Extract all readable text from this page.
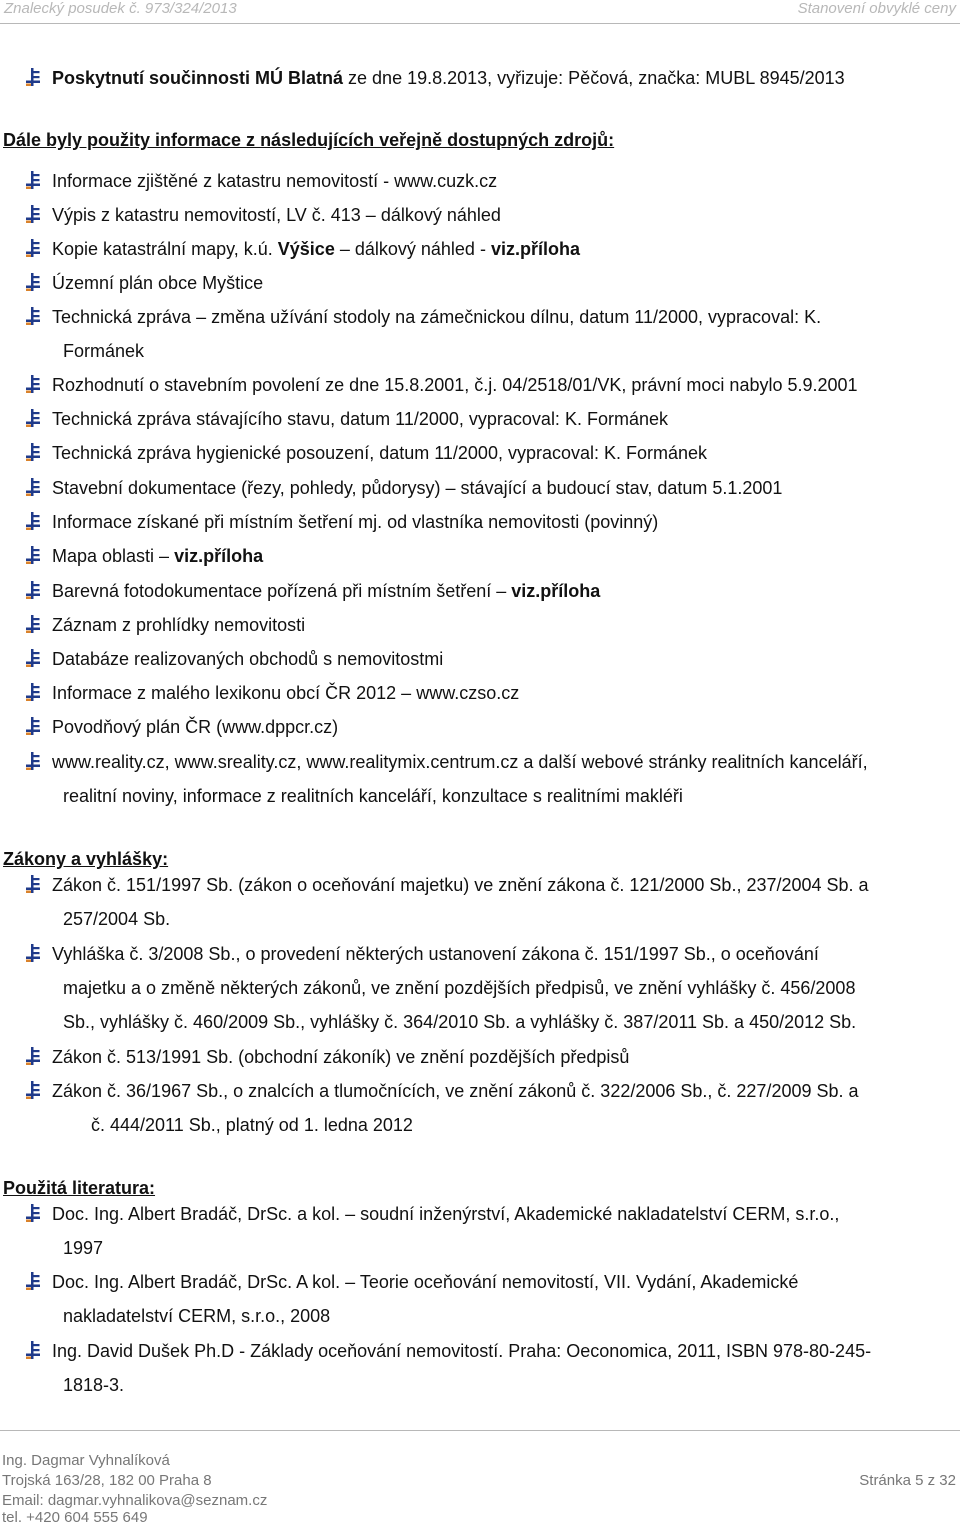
Znalecký posudek č. 973/324/2013	Stanovení obvyklé ceny
Dále byly použity informace z následujících veřejně dostupných zdrojů:
Zákony a vyhlášky:
Použitá literatura:
Poskytnutí součinnosti MÚ Blatná ze dne 19.8.2013, vyřizuje: Pěčová, značka: MUBL 8945/2013
Informace zjištěné z katastru nemovitostí - www.cuzk.cz
Výpis z katastru nemovitostí, LV č. 413 – dálkový náhled
Kopie katastrální mapy, k.ú. Výšice – dálkový náhled - viz.příloha
Územní plán obce Myštice
Technická zpráva – změna užívání stodoly na zámečnickou dílnu, datum 11/2000, vypracoval: K.
Formánek
Rozhodnutí o stavebním povolení ze dne 15.8.2001, č.j. 04/2518/01/VK, právní moci nabylo 5.9.2001
Technická zpráva stávajícího stavu, datum 11/2000, vypracoval: K. Formánek
Technická zpráva hygienické posouzení, datum 11/2000, vypracoval: K. Formánek
Stavební dokumentace (řezy, pohledy, půdorysy) – stávající a budoucí stav, datum 5.1.2001
Informace získané při místním šetření mj. od vlastníka nemovitosti (povinný)
Mapa oblasti – viz.příloha
Barevná fotodokumentace pořízená při místním šetření – viz.příloha
Záznam z prohlídky nemovitosti
Databáze realizovaných obchodů s nemovitostmi
Informace z malého lexikonu obcí ČR 2012 – www.czso.cz
Povodňový plán ČR (www.dppcr.cz)
www.reality.cz, www.sreality.cz, www.realitymix.centrum.cz a další webové stránky realitních kanceláří,
realitní noviny, informace z realitních kanceláří, konzultace s realitními makléři
Zákon č. 151/1997 Sb. (zákon o oceňování majetku) ve znění zákona č. 121/2000 Sb., 237/2004 Sb. a
257/2004 Sb.
Vyhláška č. 3/2008 Sb., o provedení některých ustanovení zákona č. 151/1997 Sb., o oceňování
majetku a o změně některých zákonů, ve znění pozdějších předpisů, ve znění vyhlášky č. 456/2008
Sb., vyhlášky č. 460/2009 Sb., vyhlášky č. 364/2010 Sb. a vyhlášky č. 387/2011 Sb. a 450/2012 Sb.
Zákon č. 513/1991 Sb. (obchodní zákoník) ve znění pozdějších předpisů
Zákon č. 36/1967 Sb., o znalcích a tlumočnících, ve znění zákonů č. 322/2006 Sb., č. 227/2009 Sb. a
č. 444/2011 Sb., platný od 1. ledna 2012
Doc. Ing. Albert Bradáč, DrSc. a kol. – soudní inženýrství, Akademické nakladatelství CERM, s.r.o.,
1997
Doc. Ing. Albert Bradáč, DrSc. A kol. – Teorie oceňování nemovitostí, VII. Vydání, Akademické
nakladatelství CERM, s.r.o., 2008
Ing. David Dušek Ph.D - Základy oceňování nemovitostí. Praha: Oeconomica, 2011, ISBN 978-80-245-
1818-3.
Ing. Dagmar Vyhnalíková
Trojská 163/28, 182 00 Praha 8
Email: dagmar.vyhnalikova@seznam.cz
tel. +420 604 555 649
Stránka 5 z 32
